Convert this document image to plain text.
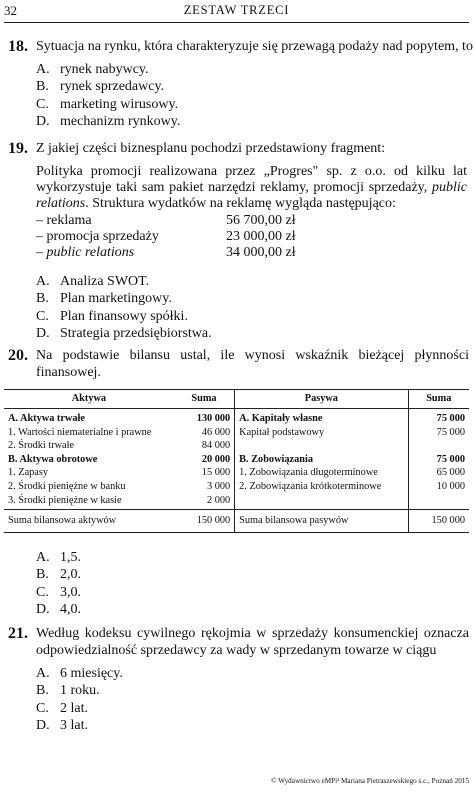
32	ZESTAW TRZECI
18. Sytuacja na rynku, która charakteryzuje się przewagą podaży nad popytem, to
A. rynek nabywcy.
B. rynek sprzedawcy.
C. marketing wirusowy.
D. mechanizm rynkowy.
19. Z jakiej części biznesplanu pochodzi przedstawiony fragment:
Polityka promocji realizowana przez „Progres" sp. z o.o. od kilku lat wykorzystuje taki sam pakiet narzędzi reklamy, promocji sprzedaży, public relations. Struktura wydatków na reklamę wygląda następująco:
– reklama	56 700,00 zł
– promocja sprzedaży	23 000,00 zł
– public relations	34 000,00 zł
A. Analiza SWOT.
B. Plan marketingowy.
C. Plan finansowy spółki.
D. Strategia przedsiębiorstwa.
20. Na podstawie bilansu ustal, ile wynosi wskaźnik bieżącej płynności finansowej.
Aktywa	Suma	Pasywa	Suma
A. Aktywa trwałe	130 000	A. Kapitały własne	75 000
1. Wartości niematerialne i prawne	46 000	Kapitał podstawowy	75 000
2. Środki trwałe	84 000		
B. Aktywa obrotowe	20 000	B. Zobowiązania	75 000
1. Zapasy	15 000	1. Zobowiązania długoterminowe	65 000
2. Środki pieniężne w banku	3 000	2. Zobowiązania krótkoterminowe	10 000
3. Środki pieniężne w kasie	2 000		
Suma bilansowa aktywów	150 000	Suma bilansowa pasywów	150 000
A. 1,5.
B. 2,0.
C. 3,0.
D. 4,0.
21. Według kodeksu cywilnego rękojmia w sprzedaży konsumenckiej oznacza odpowiedzialność sprzedawcy za wady w sprzedanym towarze w ciągu
A. 6 miesięcy.
B. 1 roku.
C. 2 lat.
D. 3 lat.
© Wydawnictwo eMPi² Mariana Pietraszewskiego s.c., Poznań 2015
